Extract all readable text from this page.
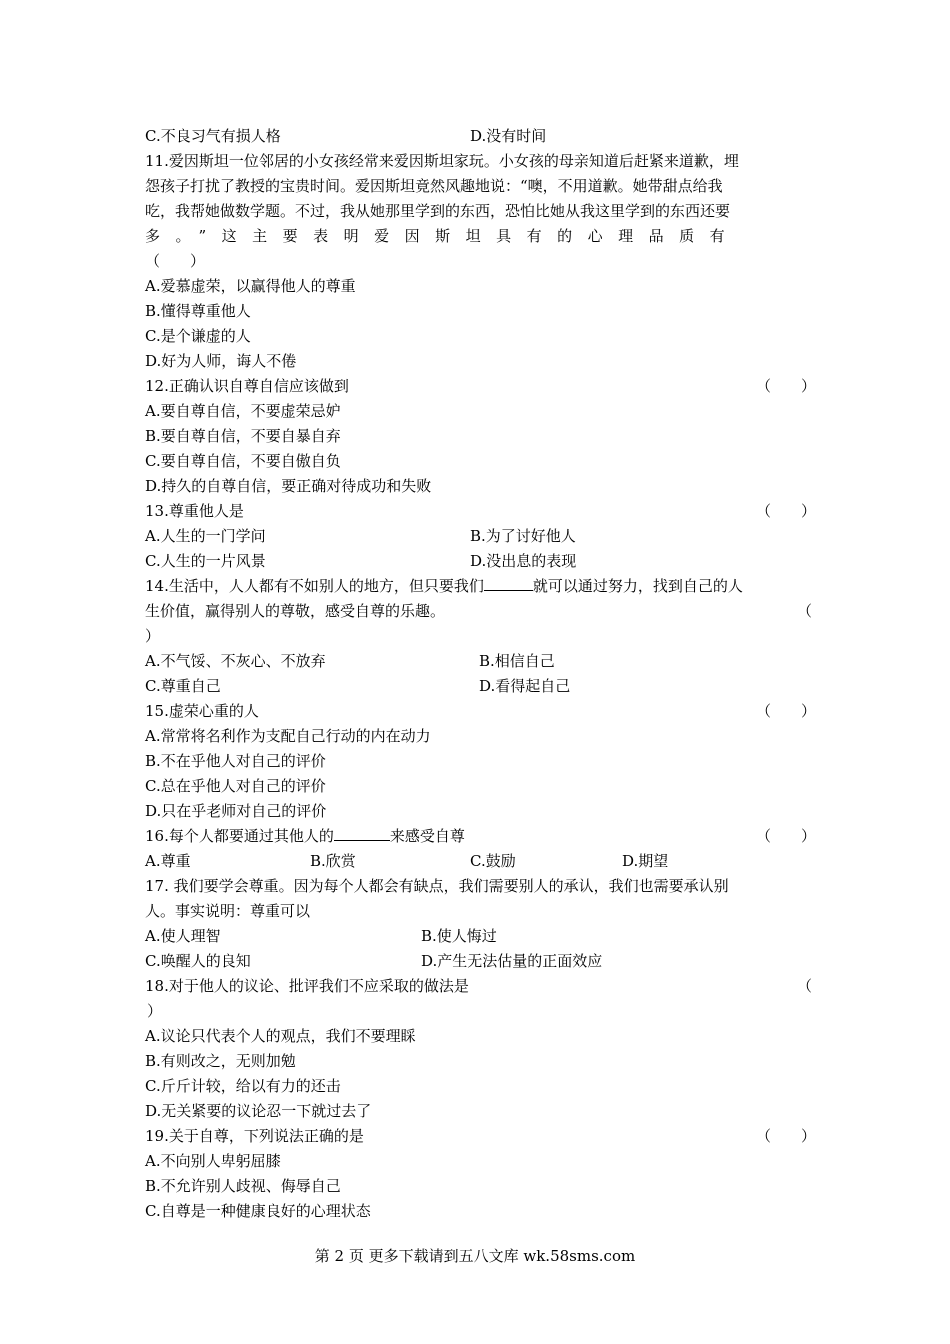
C.不良习气有损人格	D.没有时间
11.爱因斯坦一位邻居的小女孩经常来爱因斯坦家玩。小女孩的母亲知道后赶紧来道歉，埋
怨孩子打扰了教授的宝贵时间。爱因斯坦竟然风趣地说：“噢，不用道歉。她带甜点给我
吃，我帮她做数学题。不过，我从她那里学到的东西，恐怕比她从我这里学到的东西还要
多。”这主要表明爱因斯坦具有的心理品质有
（　　）
A.爱慕虚荣，以赢得他人的尊重
B.懂得尊重他人
C.是个谦虚的人
D.好为人师，诲人不倦
12.正确认识自尊自信应该做到	（　　）
A.要自尊自信，不要虚荣忌妒
B.要自尊自信，不要自暴自弃
C.要自尊自信，不要自傲自负
D.持久的自尊自信，要正确对待成功和失败
13.尊重他人是	（　　）
A.人生的一门学问	B.为了讨好他人
C.人生的一片风景	D.没出息的表现
14.生活中，人人都有不如别人的地方，但只要我们	就可以通过努力，找到自己的人
生价值，赢得别人的尊敬，感受自尊的乐趣。	（
）
A.不气馁、不灰心、不放弃	B.相信自己
C.尊重自己	D.看得起自己
15.虚荣心重的人	（　　）
A.常常将名利作为支配自己行动的内在动力
B.不在乎他人对自己的评价
C.总在乎他人对自己的评价
D.只在乎老师对自己的评价
16.每个人都要通过其他人的	来感受自尊	（　　）
A.尊重	B.欣赏	C.鼓励	D.期望
17. 我们要学会尊重。因为每个人都会有缺点，我们需要别人的承认，我们也需要承认别
人。事实说明：尊重可以
A.使人理智	B.使人悔过
C.唤醒人的良知	D.产生无法估量的正面效应
18.对于他人的议论、批评我们不应采取的做法是	（
）
A.议论只代表个人的观点，我们不要理睬
B.有则改之，无则加勉
C.斤斤计较，给以有力的还击
D.无关紧要的议论忍一下就过去了
19.关于自尊，下列说法正确的是	（　　）
A.不向别人卑躬屈膝
B.不允许别人歧视、侮辱自己
C.自尊是一种健康良好的心理状态
第 2 页 更多下载请到五八文库 wk.58sms.com
